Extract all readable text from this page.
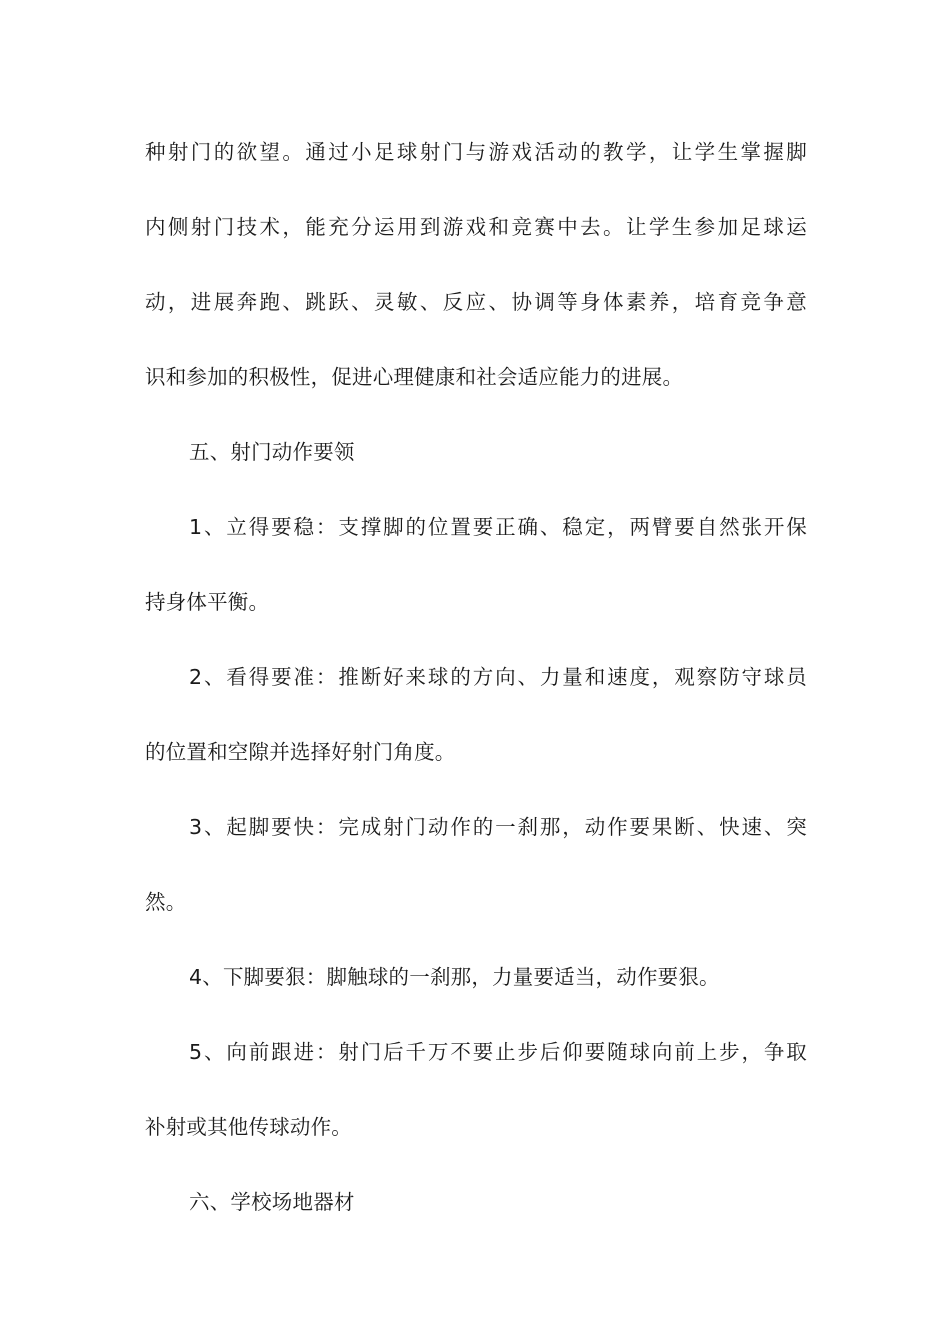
种射门的欲望。通过小足球射门与游戏活动的教学，让学生掌握脚
内侧射门技术，能充分运用到游戏和竞赛中去。让学生参加足球运
动，进展奔跑、跳跃、灵敏、反应、协调等身体素养，培育竞争意
识和参加的积极性，促进心理健康和社会适应能力的进展。
五、射门动作要领
1、立得要稳：支撑脚的位置要正确、稳定，两臂要自然张开保
持身体平衡。
2、看得要准：推断好来球的方向、力量和速度，观察防守球员
的位置和空隙并选择好射门角度。
3、起脚要快：完成射门动作的一刹那，动作要果断、快速、突
然。
4、下脚要狠：脚触球的一刹那，力量要适当，动作要狠。
5、向前跟进：射门后千万不要止步后仰要随球向前上步，争取
补射或其他传球动作。
六、学校场地器材
